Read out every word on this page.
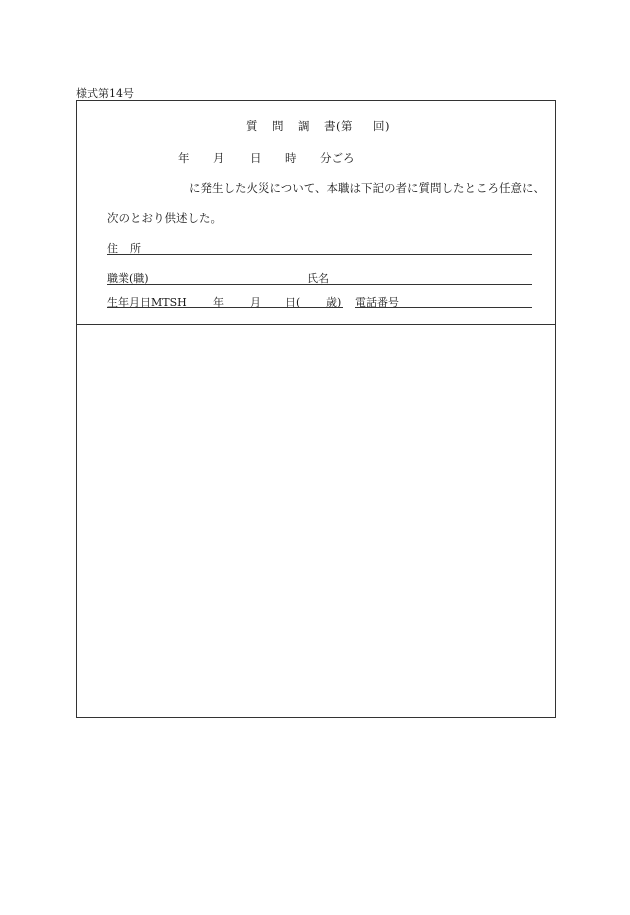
様式第14号
質 問 調 書(第 回)
年 月 日 時 分ごろ
に発生した火災について、本職は下記の者に質問したところ任意に、
次のとおり供述した。
住 所
職業(職)	氏名
生年月日MTSH 年 月 日( 歳) 電話番号
